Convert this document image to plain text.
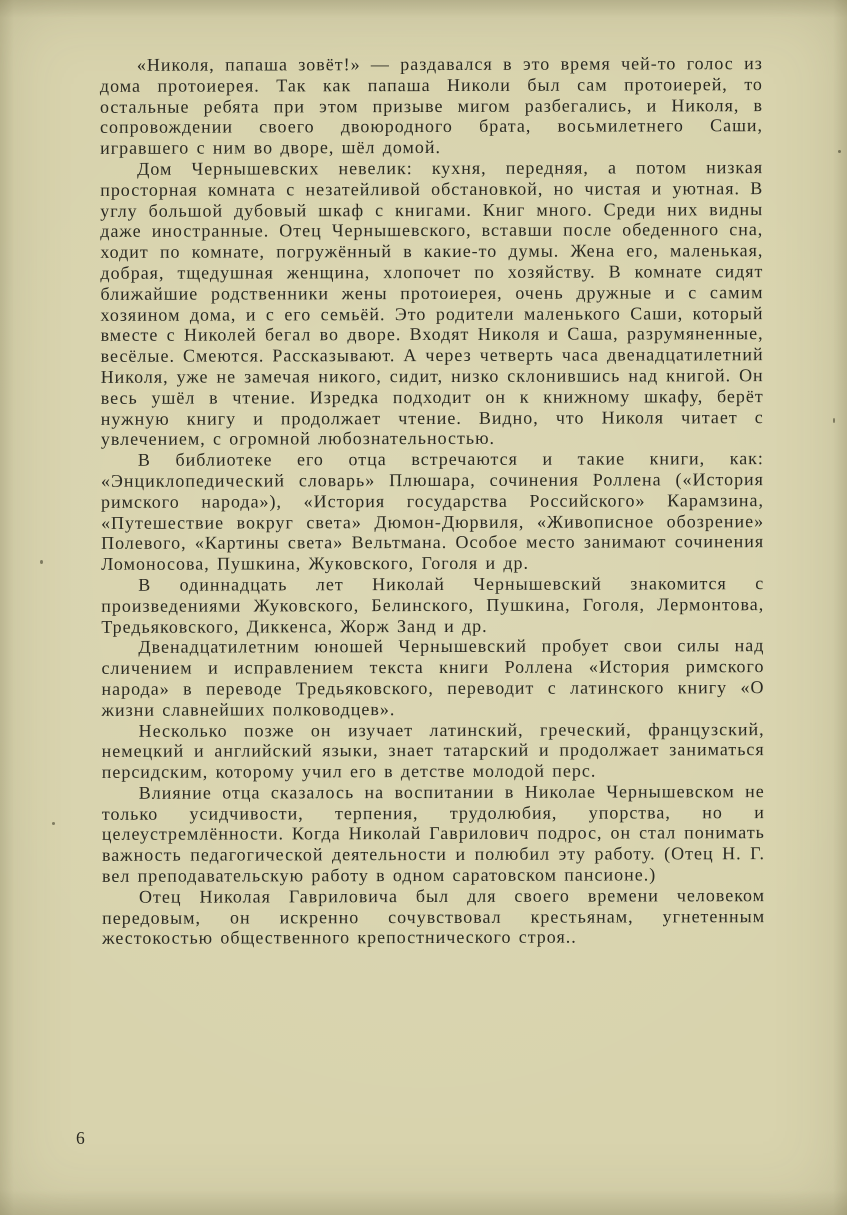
«Николя, папаша зовёт!» — раздавался в это время чей-то голос из дома протоиерея. Так как папаша Николи был сам протоиерей, то остальные ребята при этом призыве мигом разбегались, и Николя, в сопровождении своего двоюродного брата, восьмилетнего Саши, игравшего с ним во дворе, шёл домой.

Дом Чернышевских невелик: кухня, передняя, а потом низкая просторная комната с незатейливой обстановкой, но чистая и уютная. В углу большой дубовый шкаф с книгами. Книг много. Среди них видны даже иностранные. Отец Чернышевского, вставши после обеденного сна, ходит по комнате, погружённый в какие-то думы. Жена его, маленькая, добрая, тщедушная женщина, хлопочет по хозяйству. В комнате сидят ближайшие родственники жены протоиерея, очень дружные и с самим хозяином дома, и с его семьёй. Это родители маленького Саши, который вместе с Николей бегал во дворе. Входят Николя и Саша, разрумяненные, весёлые. Смеются. Рассказывают. А через четверть часа двенадцатилетний Николя, уже не замечая никого, сидит, низко склонившись над книгой. Он весь ушёл в чтение. Изредка подходит он к книжному шкафу, берёт нужную книгу и продолжает чтение. Видно, что Николя читает с увлечением, с огромной любознательностью.

В библиотеке его отца встречаются и такие книги, как: «Энциклопедический словарь» Плюшара, сочинения Роллена («История римского народа»), «История государства Российского» Карамзина, «Путешествие вокруг света» Дюмон-Дюрвиля, «Живописное обозрение» Полевого, «Картины света» Вельтмана. Особое место занимают сочинения Ломоносова, Пушкина, Жуковского, Гоголя и др.

В одиннадцать лет Николай Чернышевский знакомится с произведениями Жуковского, Белинского, Пушкина, Гоголя, Лермонтова, Тредьяковского, Диккенса, Жорж Занд и др.

Двенадцатилетним юношей Чернышевский пробует свои силы над сличением и исправлением текста книги Роллена «История римского народа» в переводе Тредьяковского, переводит с латинского книгу «О жизни славнейших полководцев».

Несколько позже он изучает латинский, греческий, французский, немецкий и английский языки, знает татарский и продолжает заниматься персидским, которому учил его в детстве молодой перс.

Влияние отца сказалось на воспитании в Николае Чернышевском не только усидчивости, терпения, трудолюбия, упорства, но и целеустремлённости. Когда Николай Гаврилович подрос, он стал понимать важность педагогической деятельности и полюбил эту работу. (Отец Н. Г. вел преподавательскую работу в одном саратовском пансионе.)

Отец Николая Гавриловича был для своего времени человеком передовым, он искренно сочувствовал крестьянам, угнетенным жестокостью общественного крепостнического строя..

6
